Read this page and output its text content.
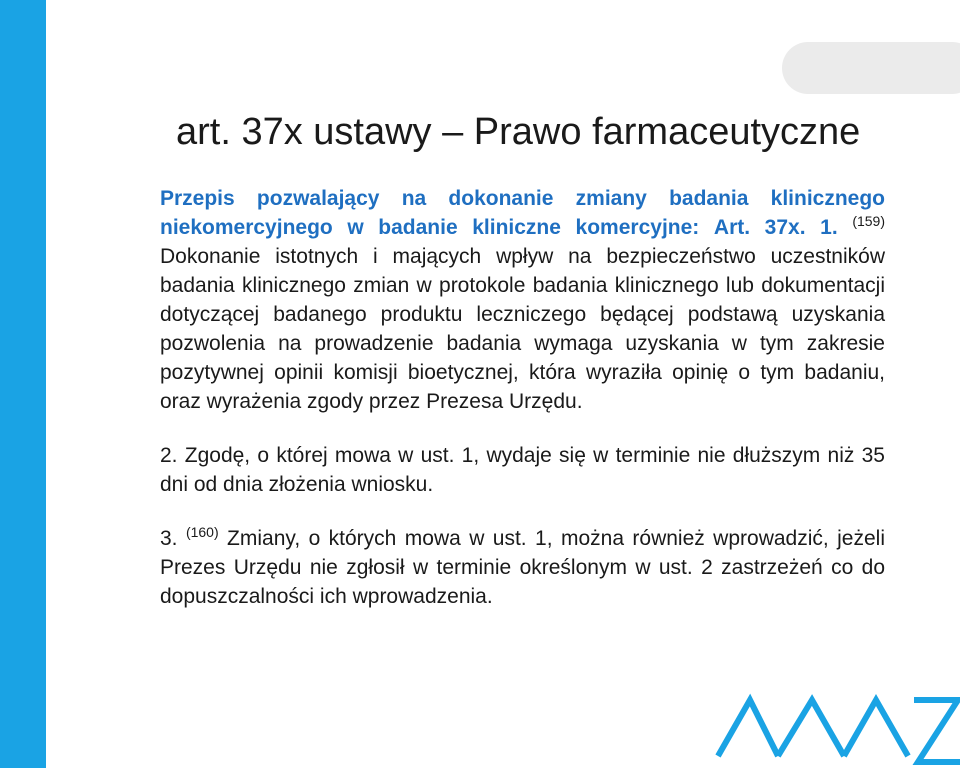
art. 37x ustawy – Prawo farmaceutyczne

Przepis pozwalający na dokonanie zmiany badania klinicznego niekomercyjnego w badanie kliniczne komercyjne: Art. 37x. 1. $^{(159)}$ Dokonanie istotnych i mających wpływ na bezpieczeństwo uczestników badania klinicznego zmian w protokole badania klinicznego lub dokumentacji dotyczącej badanego produktu leczniczego będącej podstawą uzyskania pozwolenia na prowadzenie badania wymaga uzyskania w tym zakresie pozytywnej opinii komisji bioetycznej, która wyraziła opinię o tym badaniu, oraz wyrażenia zgody przez Prezesa Urzędu.

2. Zgodę, o której mowa w ust. 1, wydaje się w terminie nie dłuższym niż 35 dni od dnia złożenia wniosku.

3. $^{(160)}$ Zmiany, o których mowa w ust. 1, można również wprowadzić, jeżeli Prezes Urzędu nie zgłosił w terminie określonym w ust. 2 zastrzeżeń co do dopuszczalności ich wprowadzenia.
